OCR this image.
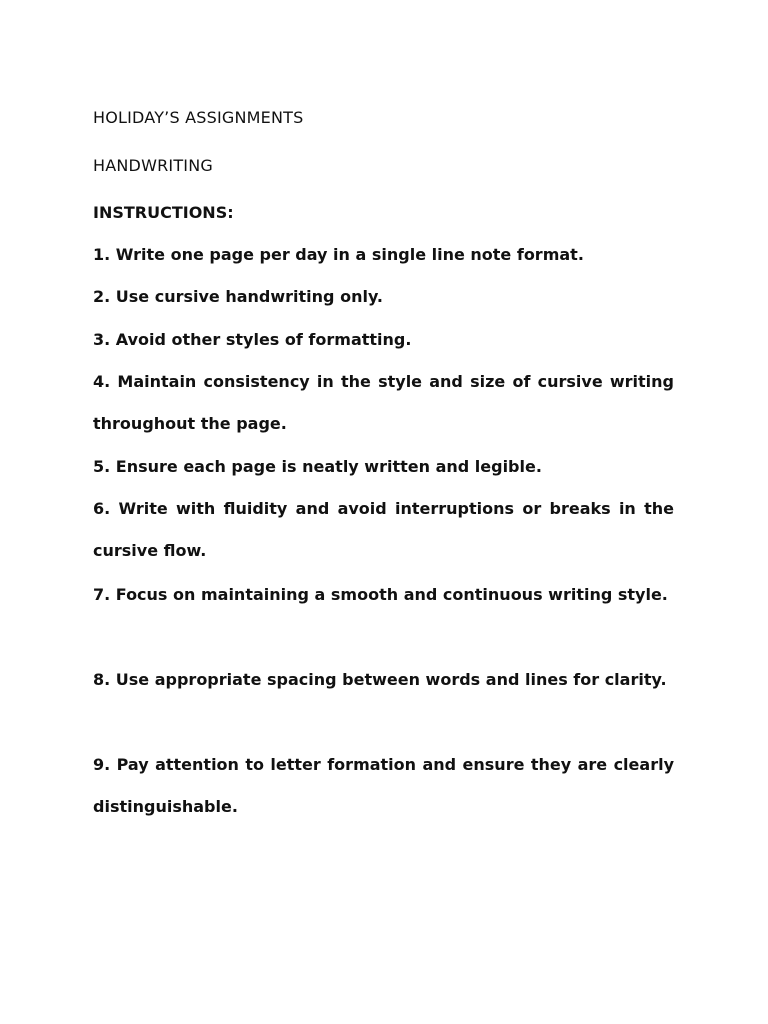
HOLIDAY’S ASSIGNMENTS
HANDWRITING
INSTRUCTIONS:

1. Write one page per day in a single line note format.

2. Use cursive handwriting only.

3. Avoid other styles of formatting.

4. Maintain consistency in the style and size of cursive writing throughout the page.

5. Ensure each page is neatly written and legible.

6. Write with fluidity and avoid interruptions or breaks in the cursive flow.

7. Focus on maintaining a smooth and continuous writing style.

8. Use appropriate spacing between words and lines for clarity.

9. Pay attention to letter formation and ensure they are clearly distinguishable.
